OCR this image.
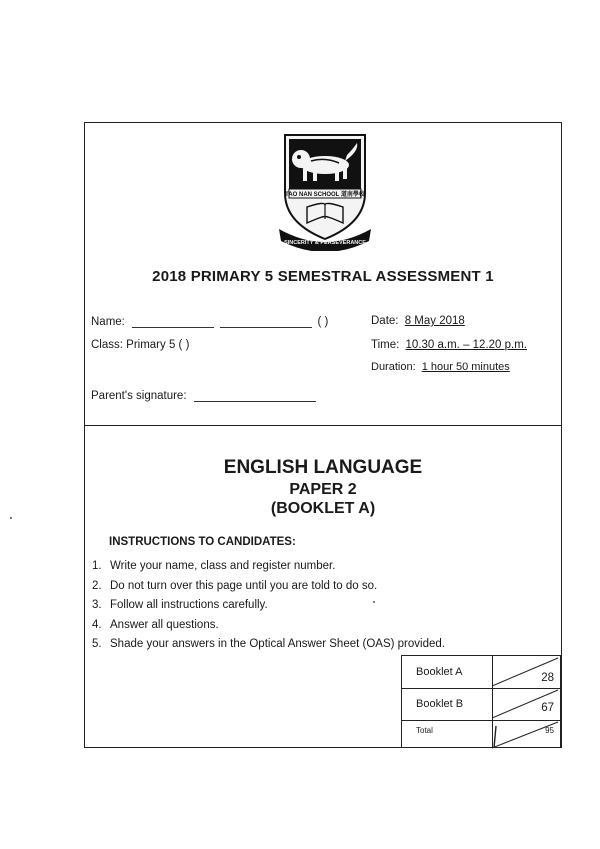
TAO NAN SCHOOL 道南學校
SINCERITY & PERSEVERANCE
2018 PRIMARY 5 SEMESTRAL ASSESSMENT 1
Name:	( )	Date: 8 May 2018
Class: Primary 5 ( )	Time: 10.30 a.m. – 12.20 p.m.
Duration: 1 hour 50 minutes
Parent's signature:
ENGLISH LANGUAGE
PAPER 2
(BOOKLET A)
INSTRUCTIONS TO CANDIDATES:
1. Write your name, class and register number.
2. Do not turn over this page until you are told to do so.
3. Follow all instructions carefully.
4. Answer all questions.
5. Shade your answers in the Optical Answer Sheet (OAS) provided.
Booklet A	28
Booklet B	67
Total	95
